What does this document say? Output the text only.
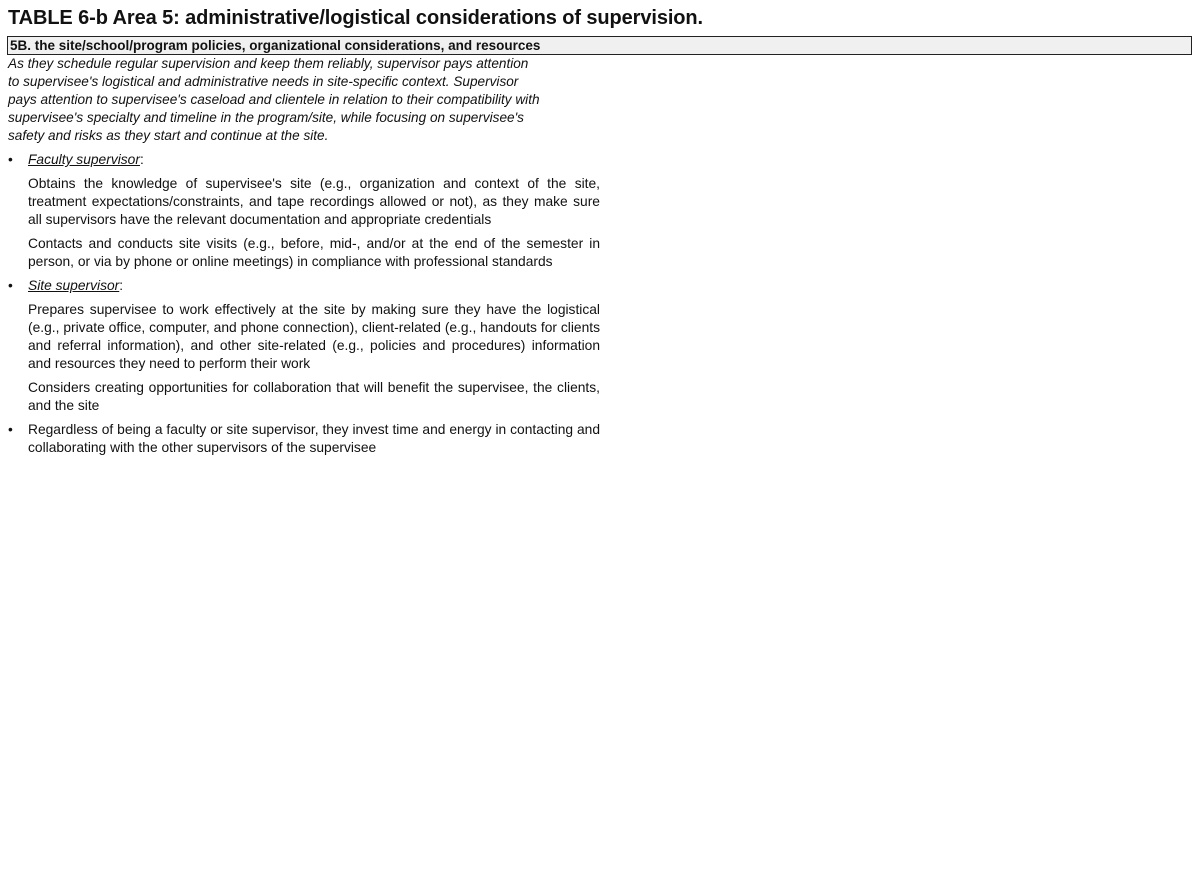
TABLE 6-b Area 5: administrative/logistical considerations of supervision.
5B. the site/school/program policies, organizational considerations, and resources
As they schedule regular supervision and keep them reliably, supervisor pays attention
to supervisee's logistical and administrative needs in site-specific context. Supervisor
pays attention to supervisee's caseload and clientele in relation to their compatibility with
supervisee's specialty and timeline in the program/site, while focusing on supervisee's
safety and risks as they start and continue at the site.
• Faculty supervisor:
Obtains the knowledge of supervisee's site (e.g., organization and context of the site, treatment expectations/constraints, and tape recordings allowed or not), as they make sure all supervisors have the relevant documentation and appropriate credentials
Contacts and conducts site visits (e.g., before, mid-, and/or at the end of the semester in person, or via by phone or online meetings) in compliance with professional standards
• Site supervisor:
Prepares supervisee to work effectively at the site by making sure they have the logistical (e.g., private office, computer, and phone connection), client-related (e.g., handouts for clients and referral information), and other site-related (e.g., policies and procedures) information and resources they need to perform their work
Considers creating opportunities for collaboration that will benefit the supervisee, the clients, and the site
• Regardless of being a faculty or site supervisor, they invest time and energy in contacting and collaborating with the other supervisors of the supervisee
